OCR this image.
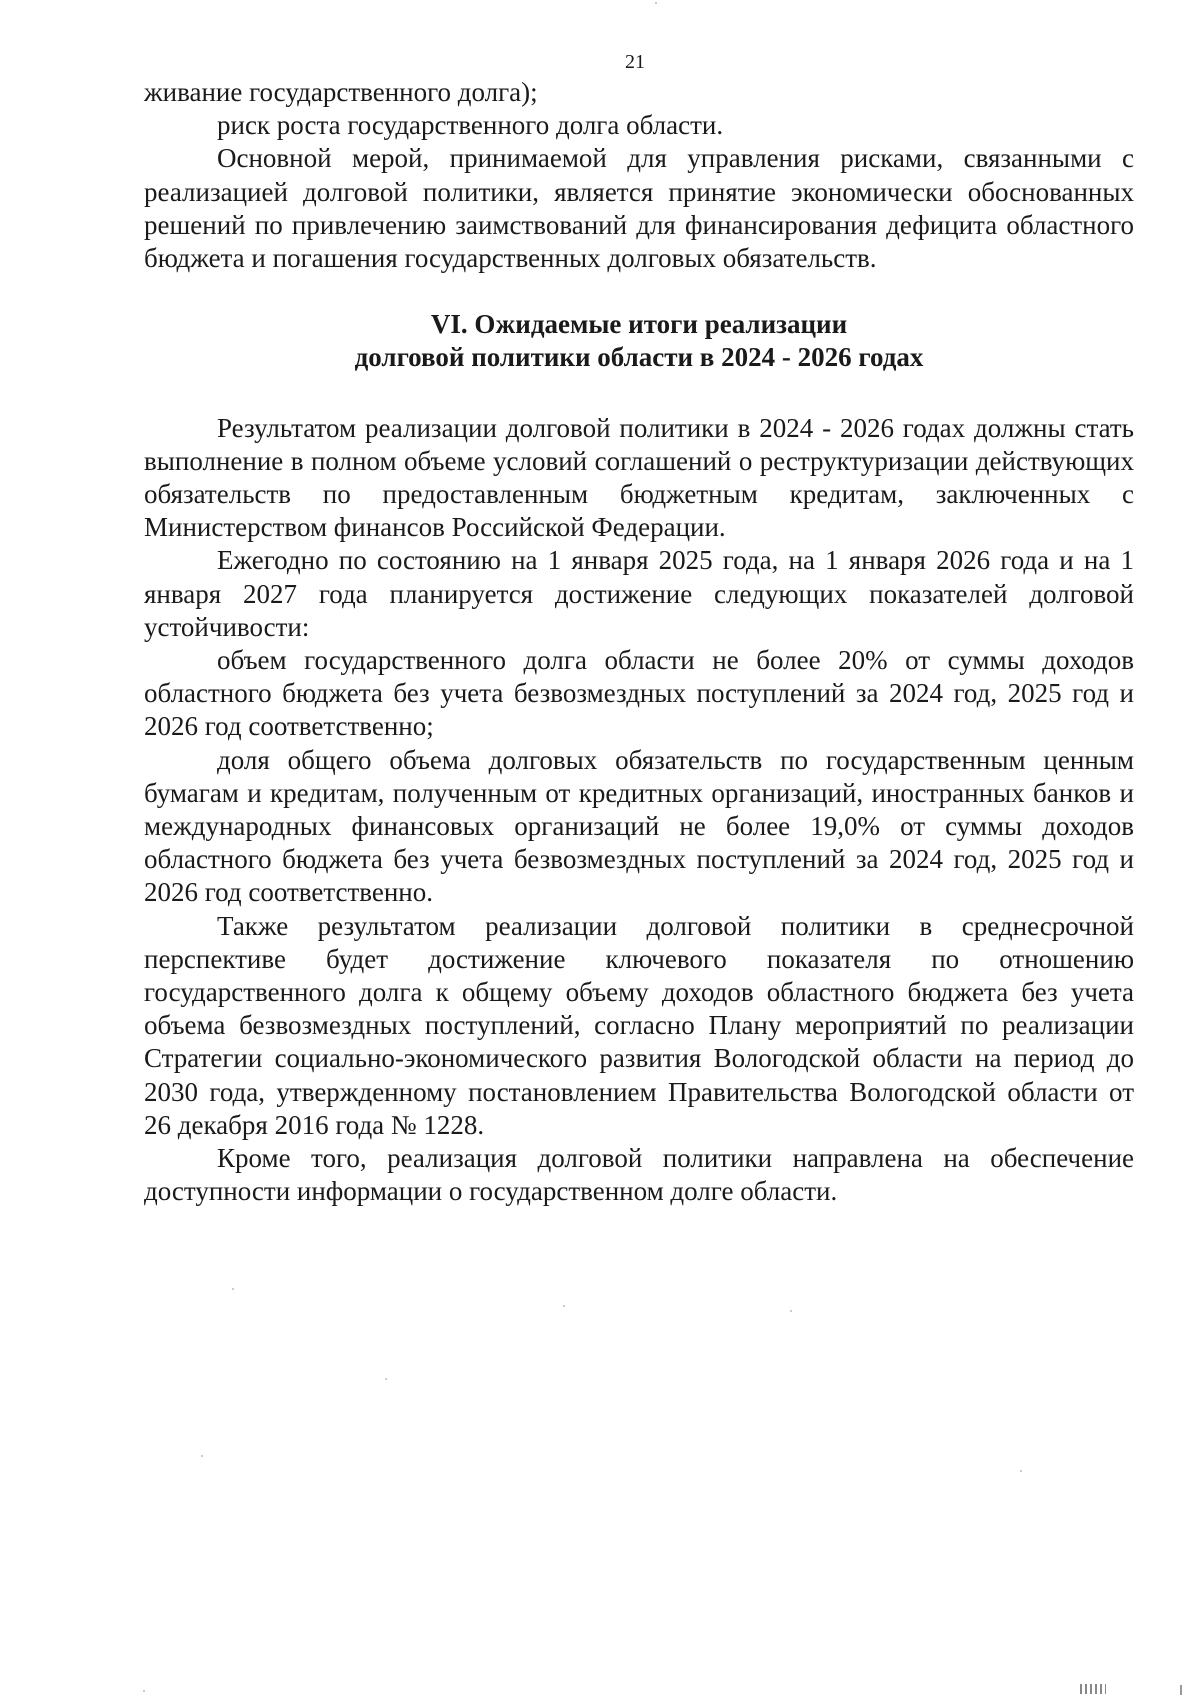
21

живание государственного долга);

риск роста государственного долга области.

Основной мерой, принимаемой для управления рисками, связанными с реализацией долговой политики, является принятие экономически обоснованных решений по привлечению заимствований для финансирования дефицита областного бюджета и погашения государственных долговых обязательств.

VI. Ожидаемые итоги реализации
долговой политики области в 2024 - 2026 годах

Результатом реализации долговой политики в 2024 - 2026 годах должны стать выполнение в полном объеме условий соглашений о реструктуризации действующих обязательств по предоставленным бюджетным кредитам, заключенных с Министерством финансов Российской Федерации.

Ежегодно по состоянию на 1 января 2025 года, на 1 января 2026 года и на 1 января 2027 года планируется достижение следующих показателей долговой устойчивости:

объем государственного долга области не более 20% от суммы доходов областного бюджета без учета безвозмездных поступлений за 2024 год, 2025 год и 2026 год соответственно;

доля общего объема долговых обязательств по государственным ценным бумагам и кредитам, полученным от кредитных организаций, иностранных банков и международных финансовых организаций не более 19,0% от суммы доходов областного бюджета без учета безвозмездных поступлений за 2024 год, 2025 год и 2026 год соответственно.

Также результатом реализации долговой политики в среднесрочной перспективе будет достижение ключевого показателя по отношению государственного долга к общему объему доходов областного бюджета без учета объема безвозмездных поступлений, согласно Плану мероприятий по реализации Стратегии социально-экономического развития Вологодской области на период до 2030 года, утвержденному постановлением Правительства Вологодской области от 26 декабря 2016 года № 1228.

Кроме того, реализация долговой политики направлена на обеспечение доступности информации о государственном долге области.
